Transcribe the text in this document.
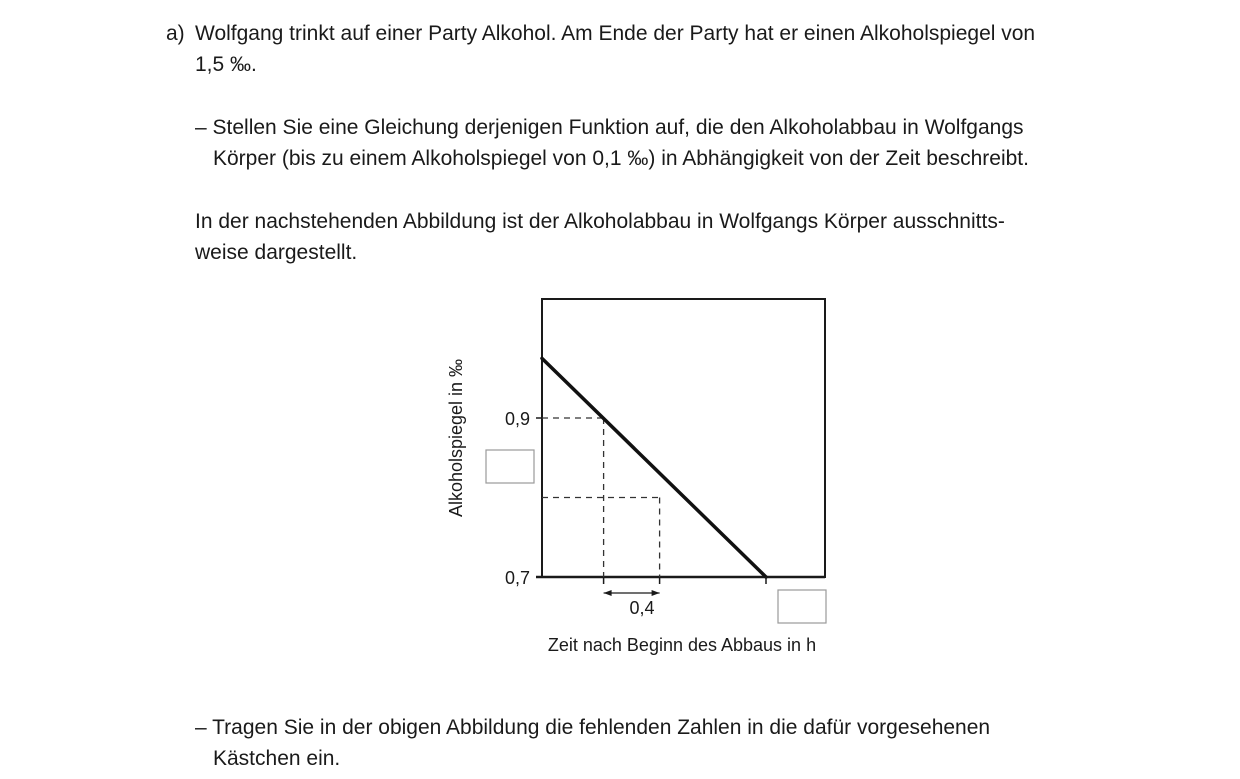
a) Wolfgang trinkt auf einer Party Alkohol. Am Ende der Party hat er einen Alkoholspiegel von
1,5 ‰.
– Stellen Sie eine Gleichung derjenigen Funktion auf, die den Alkoholabbau in Wolfgangs
Körper (bis zu einem Alkoholspiegel von 0,1 ‰) in Abhängigkeit von der Zeit beschreibt.
In der nachstehenden Abbildung ist der Alkoholabbau in Wolfgangs Körper ausschnitts-
weise dargestellt.
0,9
0,7
0,4
Zeit nach Beginn des Abbaus in h
Alkoholspiegel in ‰
– Tragen Sie in der obigen Abbildung die fehlenden Zahlen in die dafür vorgesehenen
Kästchen ein.
